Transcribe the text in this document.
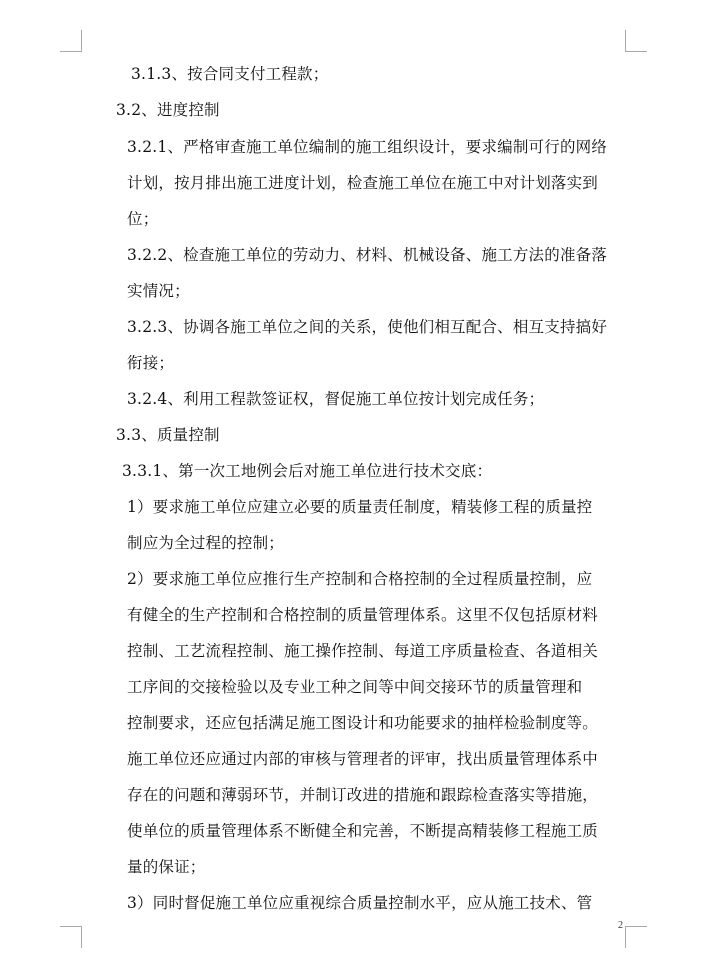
3.1.3、按合同支付工程款；
3.2、进度控制
3.2.1、严格审查施工单位编制的施工组织设计，要求编制可行的网络
计划，按月排出施工进度计划，检查施工单位在施工中对计划落实到
位；
3.2.2、检查施工单位的劳动力、材料、机械设备、施工方法的准备落
实情况；
3.2.3、协调各施工单位之间的关系，使他们相互配合、相互支持搞好
衔接；
3.2.4、利用工程款签证权，督促施工单位按计划完成任务；
3.3、质量控制
3.3.1、第一次工地例会后对施工单位进行技术交底：
1）要求施工单位应建立必要的质量责任制度，精装修工程的质量控
制应为全过程的控制；
2）要求施工单位应推行生产控制和合格控制的全过程质量控制，应
有健全的生产控制和合格控制的质量管理体系。这里不仅包括原材料
控制、工艺流程控制、施工操作控制、每道工序质量检查、各道相关
工序间的交接检验以及专业工种之间等中间交接环节的质量管理和
控制要求，还应包括满足施工图设计和功能要求的抽样检验制度等。
施工单位还应通过内部的审核与管理者的评审，找出质量管理体系中
存在的问题和薄弱环节，并制订改进的措施和跟踪检查落实等措施，
使单位的质量管理体系不断健全和完善，不断提高精装修工程施工质
量的保证；
3）同时督促施工单位应重视综合质量控制水平，应从施工技术、管
2
